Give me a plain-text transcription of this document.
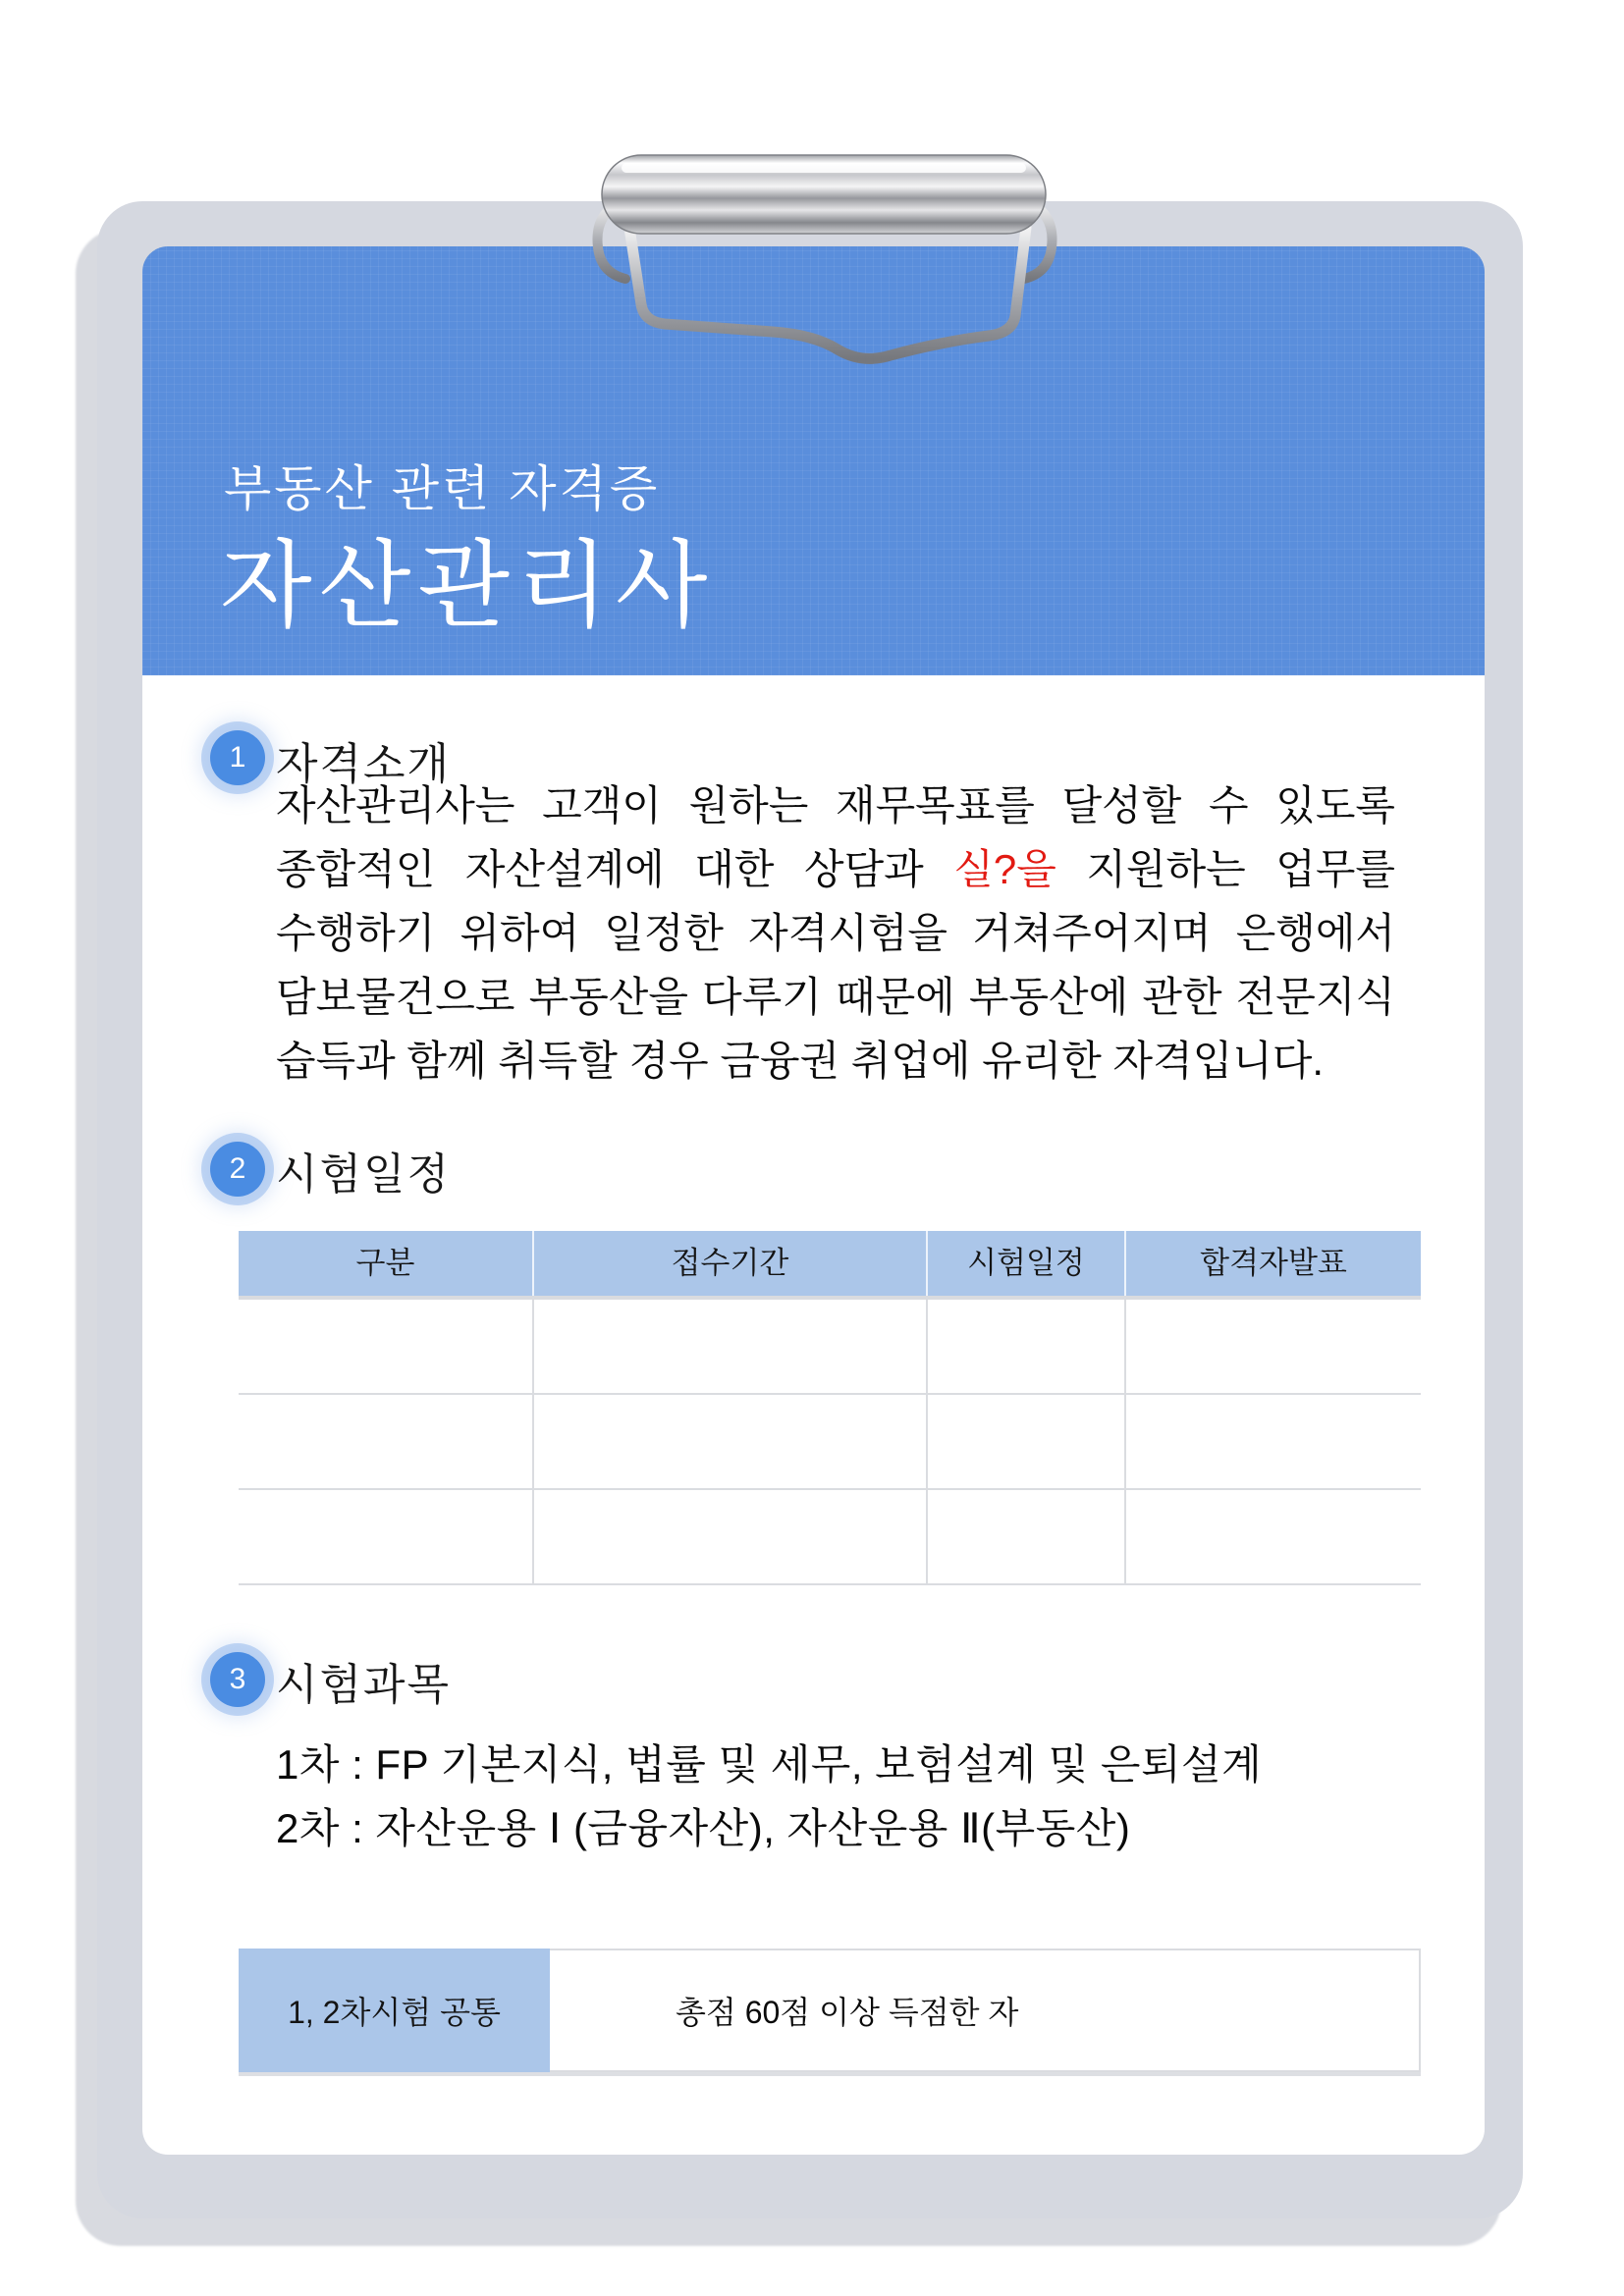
부동산 관련 자격증
자산관리사
1 자격소개
자산관리사는 고객이 원하는 재무목표를 달성할 수 있도록
종합적인 자산설계에 대한 상담과 실?을 지원하는 업무를
수행하기 위하여 일정한 자격시험을 거쳐주어지며 은행에서
담보물건으로 부동산을 다루기 때문에 부동산에 관한 전문지식
습득과 함께 취득할 경우 금융권 취업에 유리한 자격입니다.
2 시험일정
구분	접수기간	시험일정	합격자발표
3 시험과목
1차 : FP 기본지식, 법률 및 세무, 보험설계 및 은퇴설계
2차 : 자산운용 Ⅰ (금융자산), 자산운용 Ⅱ(부동산)
1, 2차시험 공통	총점 60점 이상 득점한 자
